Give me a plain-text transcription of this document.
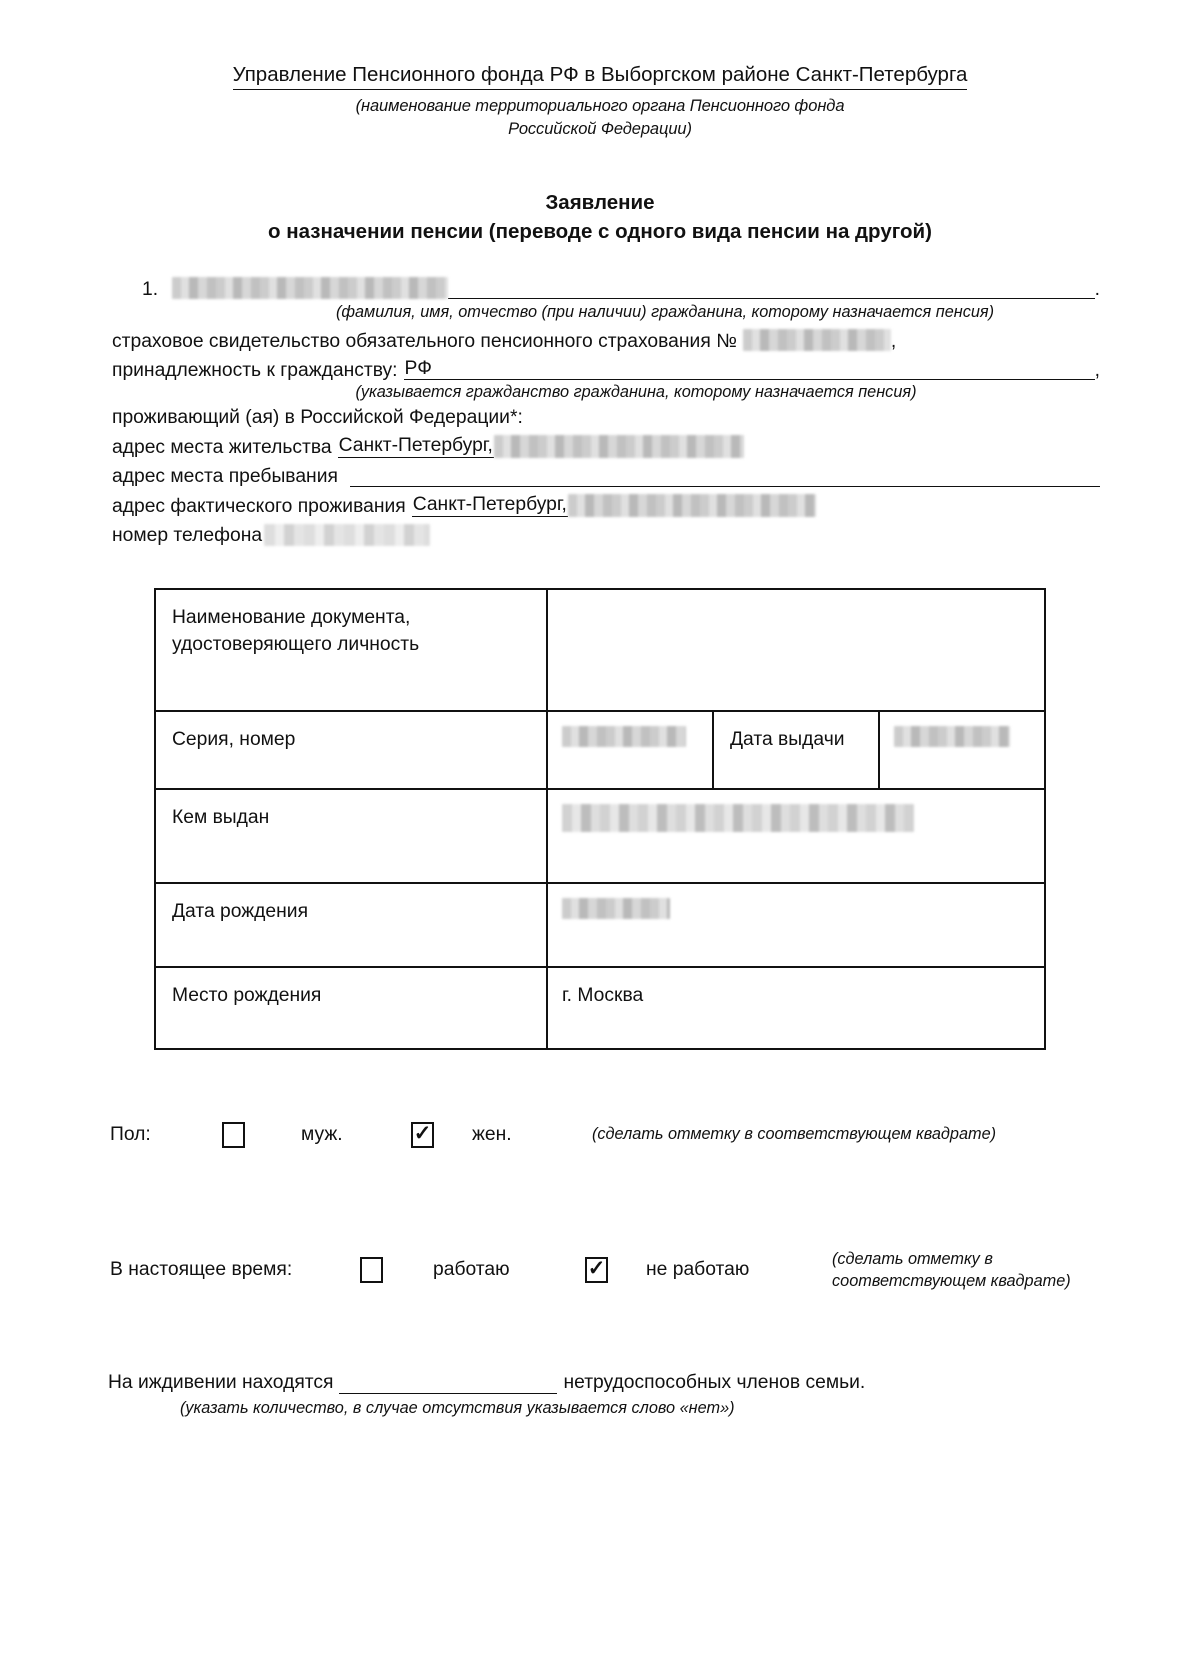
Управление Пенсионного фонда РФ в Выборгском районе Санкт-Петербурга
(наименование территориального органа Пенсионного фонда
Российской Федерации)
Заявление
о назначении пенсии (переводе с одного вида пенсии на другой)
1.	.
(фамилия, имя, отчество (при наличии) гражданина, которому назначается пенсия)
страховое свидетельство обязательного пенсионного страхования №	,
принадлежность к гражданству: РФ	,
(указывается гражданство гражданина, которому назначается пенсия)
проживающий (ая) в Российской Федерации*:
адрес места жительства Санкт-Петербург,
адрес места пребывания
адрес фактического проживания Санкт-Петербург,
номер телефона
Наименование документа,
удостоверяющего личность			
Серия, номер		Дата выдачи	
Кем выдан			
Дата рождения			
Место рождения	г. Москва		
Пол:	муж.	✓ жен.	(сделать отметку в соответствующем квадрате)
В настоящее время:	работаю	✓ не работаю
(сделать отметку в соответствующем квадрате)
На иждивении находятся	нетрудоспособных членов семьи.
(указать количество, в случае отсутствия указывается слово «нет»)
